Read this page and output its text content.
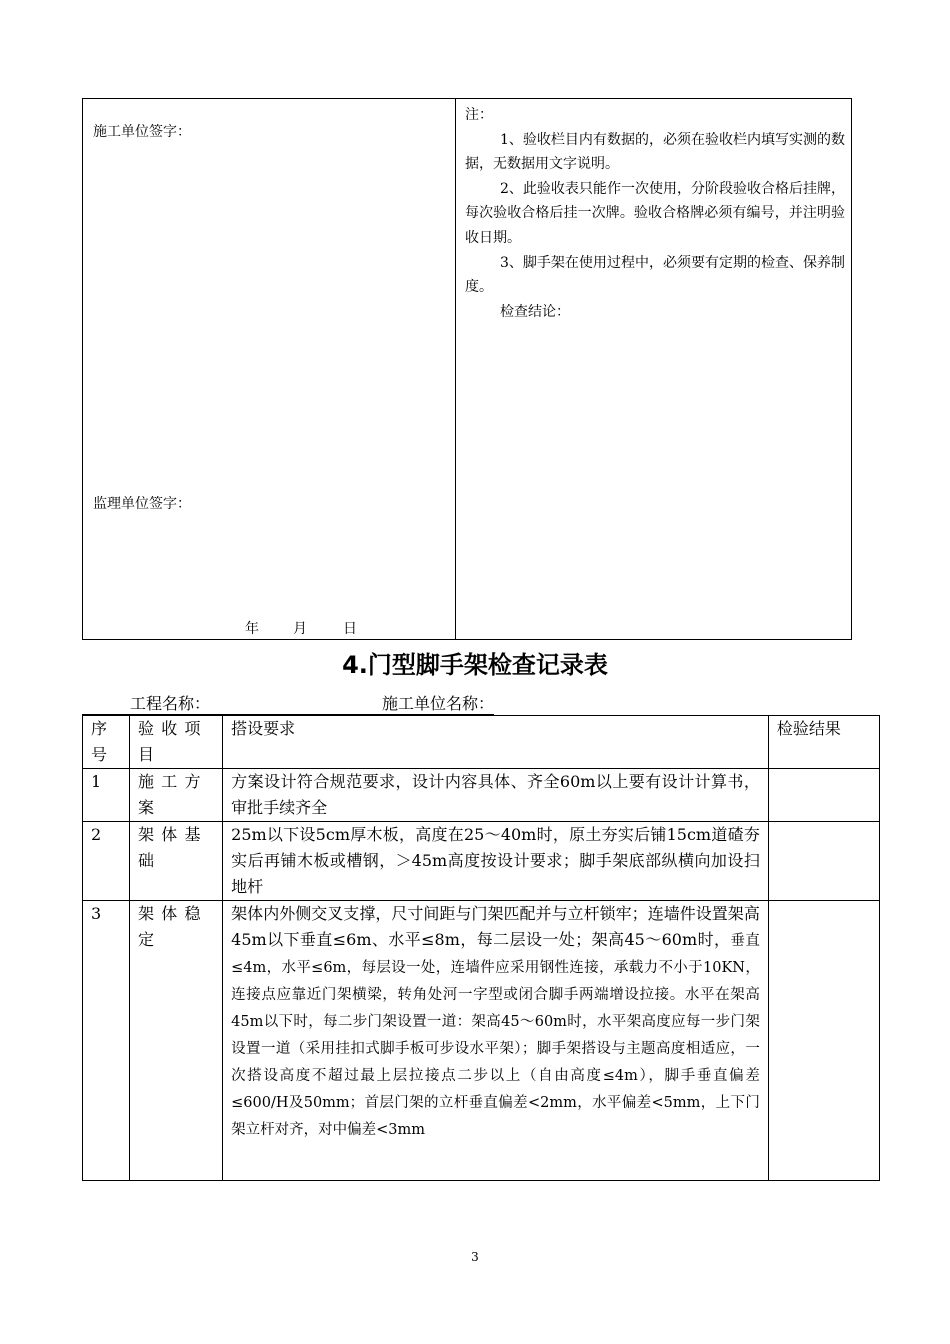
施工单位签字：
监理单位签字：
年 月	日

注：

1、验收栏目内有数据的，必须在验收栏内填写实测的数据，无数据用文字说明。

2、此验收表只能作一次使用，分阶段验收合格后挂牌，每次验收合格后挂一次牌。验收合格牌必须有编号，并注明验收日期。

3、脚手架在使用过程中，必须要有定期的检查、保养制度。

检查结论：

4.门型脚手架检查记录表
工程名称：	施工单位名称：
序号	验收项目	搭设要求	检验结果
1	施工方案	方案设计符合规范要求，设计内容具体、齐全60m以上要有设计计算书，审批手续齐全	
2	架体基础	25m以下设5cm厚木板，高度在25～40m时，原土夯实后铺15cm道碴夯实后再铺木板或槽钢，＞45m高度按设计要求；脚手架底部纵横向加设扫地杆	
3	架体稳定	架体内外侧交叉支撑，尺寸间距与门架匹配并与立杆锁牢；连墙件设置架高45m以下垂直≤6m、水平≤8m，每二层设一处；架高45～60m时，垂直≤4m，水平≤6m，每层设一处，连墙件应采用钢性连接，承载力不小于10KN，连接点应靠近门架横梁，转角处河一字型或闭合脚手两端增设拉接。水平在架高45m以下时，每二步门架设置一道：架高45～60m时，水平架高度应每一步门架设置一道（采用挂扣式脚手板可步设水平架）；脚手架搭设与主题高度相适应，一次搭设高度不超过最上层拉接点二步以上（自由高度≤4m），脚手垂直偏差≤600/H及50mm；首层门架的立杆垂直偏差<2mm，水平偏差<5mm，上下门架立杆对齐，对中偏差<3mm	
3
